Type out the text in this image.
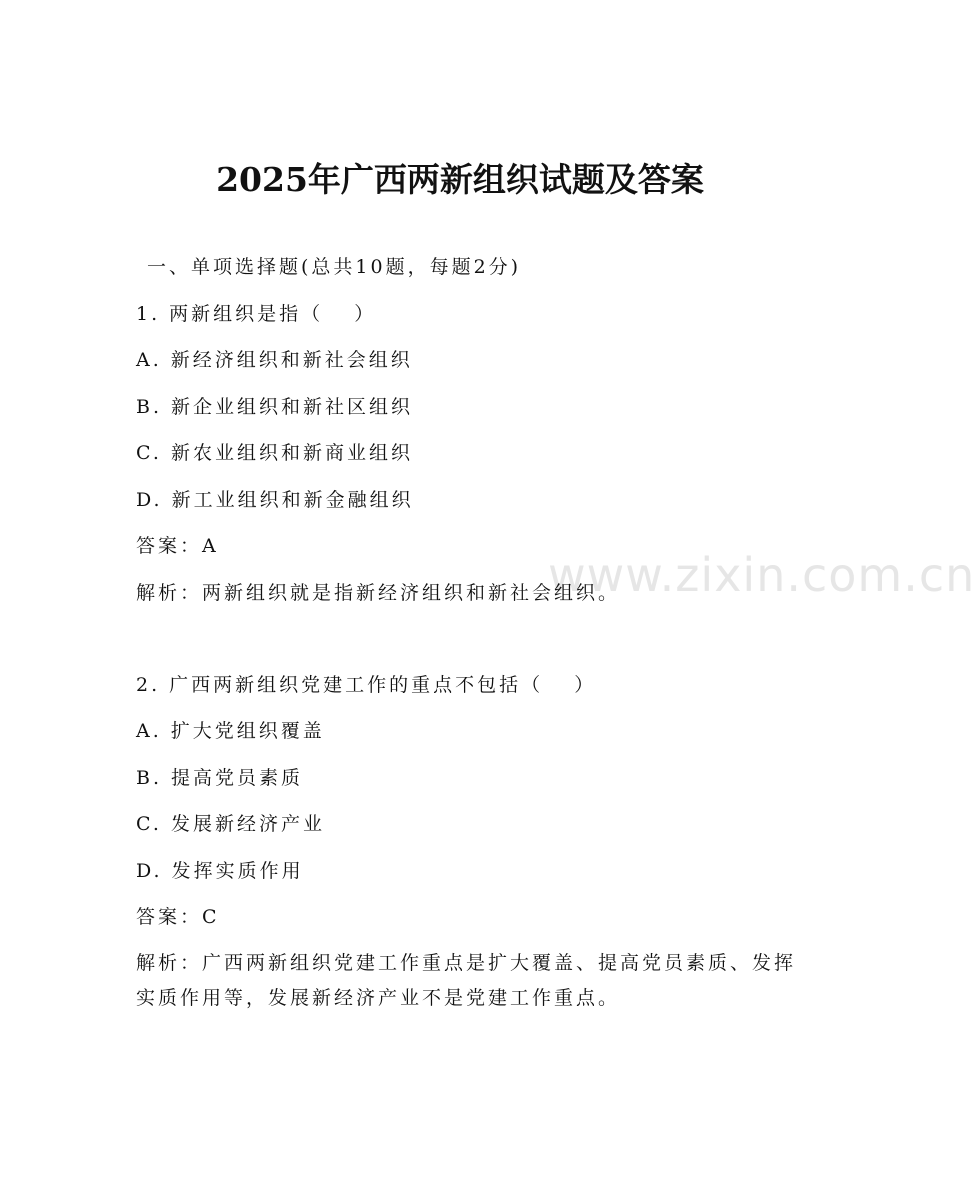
www.zixin.com.cn
2025年广西两新组织试题及答案
一、单项选择题(总共10题，每题2分)
1. 两新组织是指（　 ）
A. 新经济组织和新社会组织
B. 新企业组织和新社区组织
C. 新农业组织和新商业组织
D. 新工业组织和新金融组织
答案：A
解析：两新组织就是指新经济组织和新社会组织。
2. 广西两新组织党建工作的重点不包括（　 ）
A. 扩大党组织覆盖
B. 提高党员素质
C. 发展新经济产业
D. 发挥实质作用
答案：C
解析：广西两新组织党建工作重点是扩大覆盖、提高党员素质、发挥
实质作用等，发展新经济产业不是党建工作重点。
